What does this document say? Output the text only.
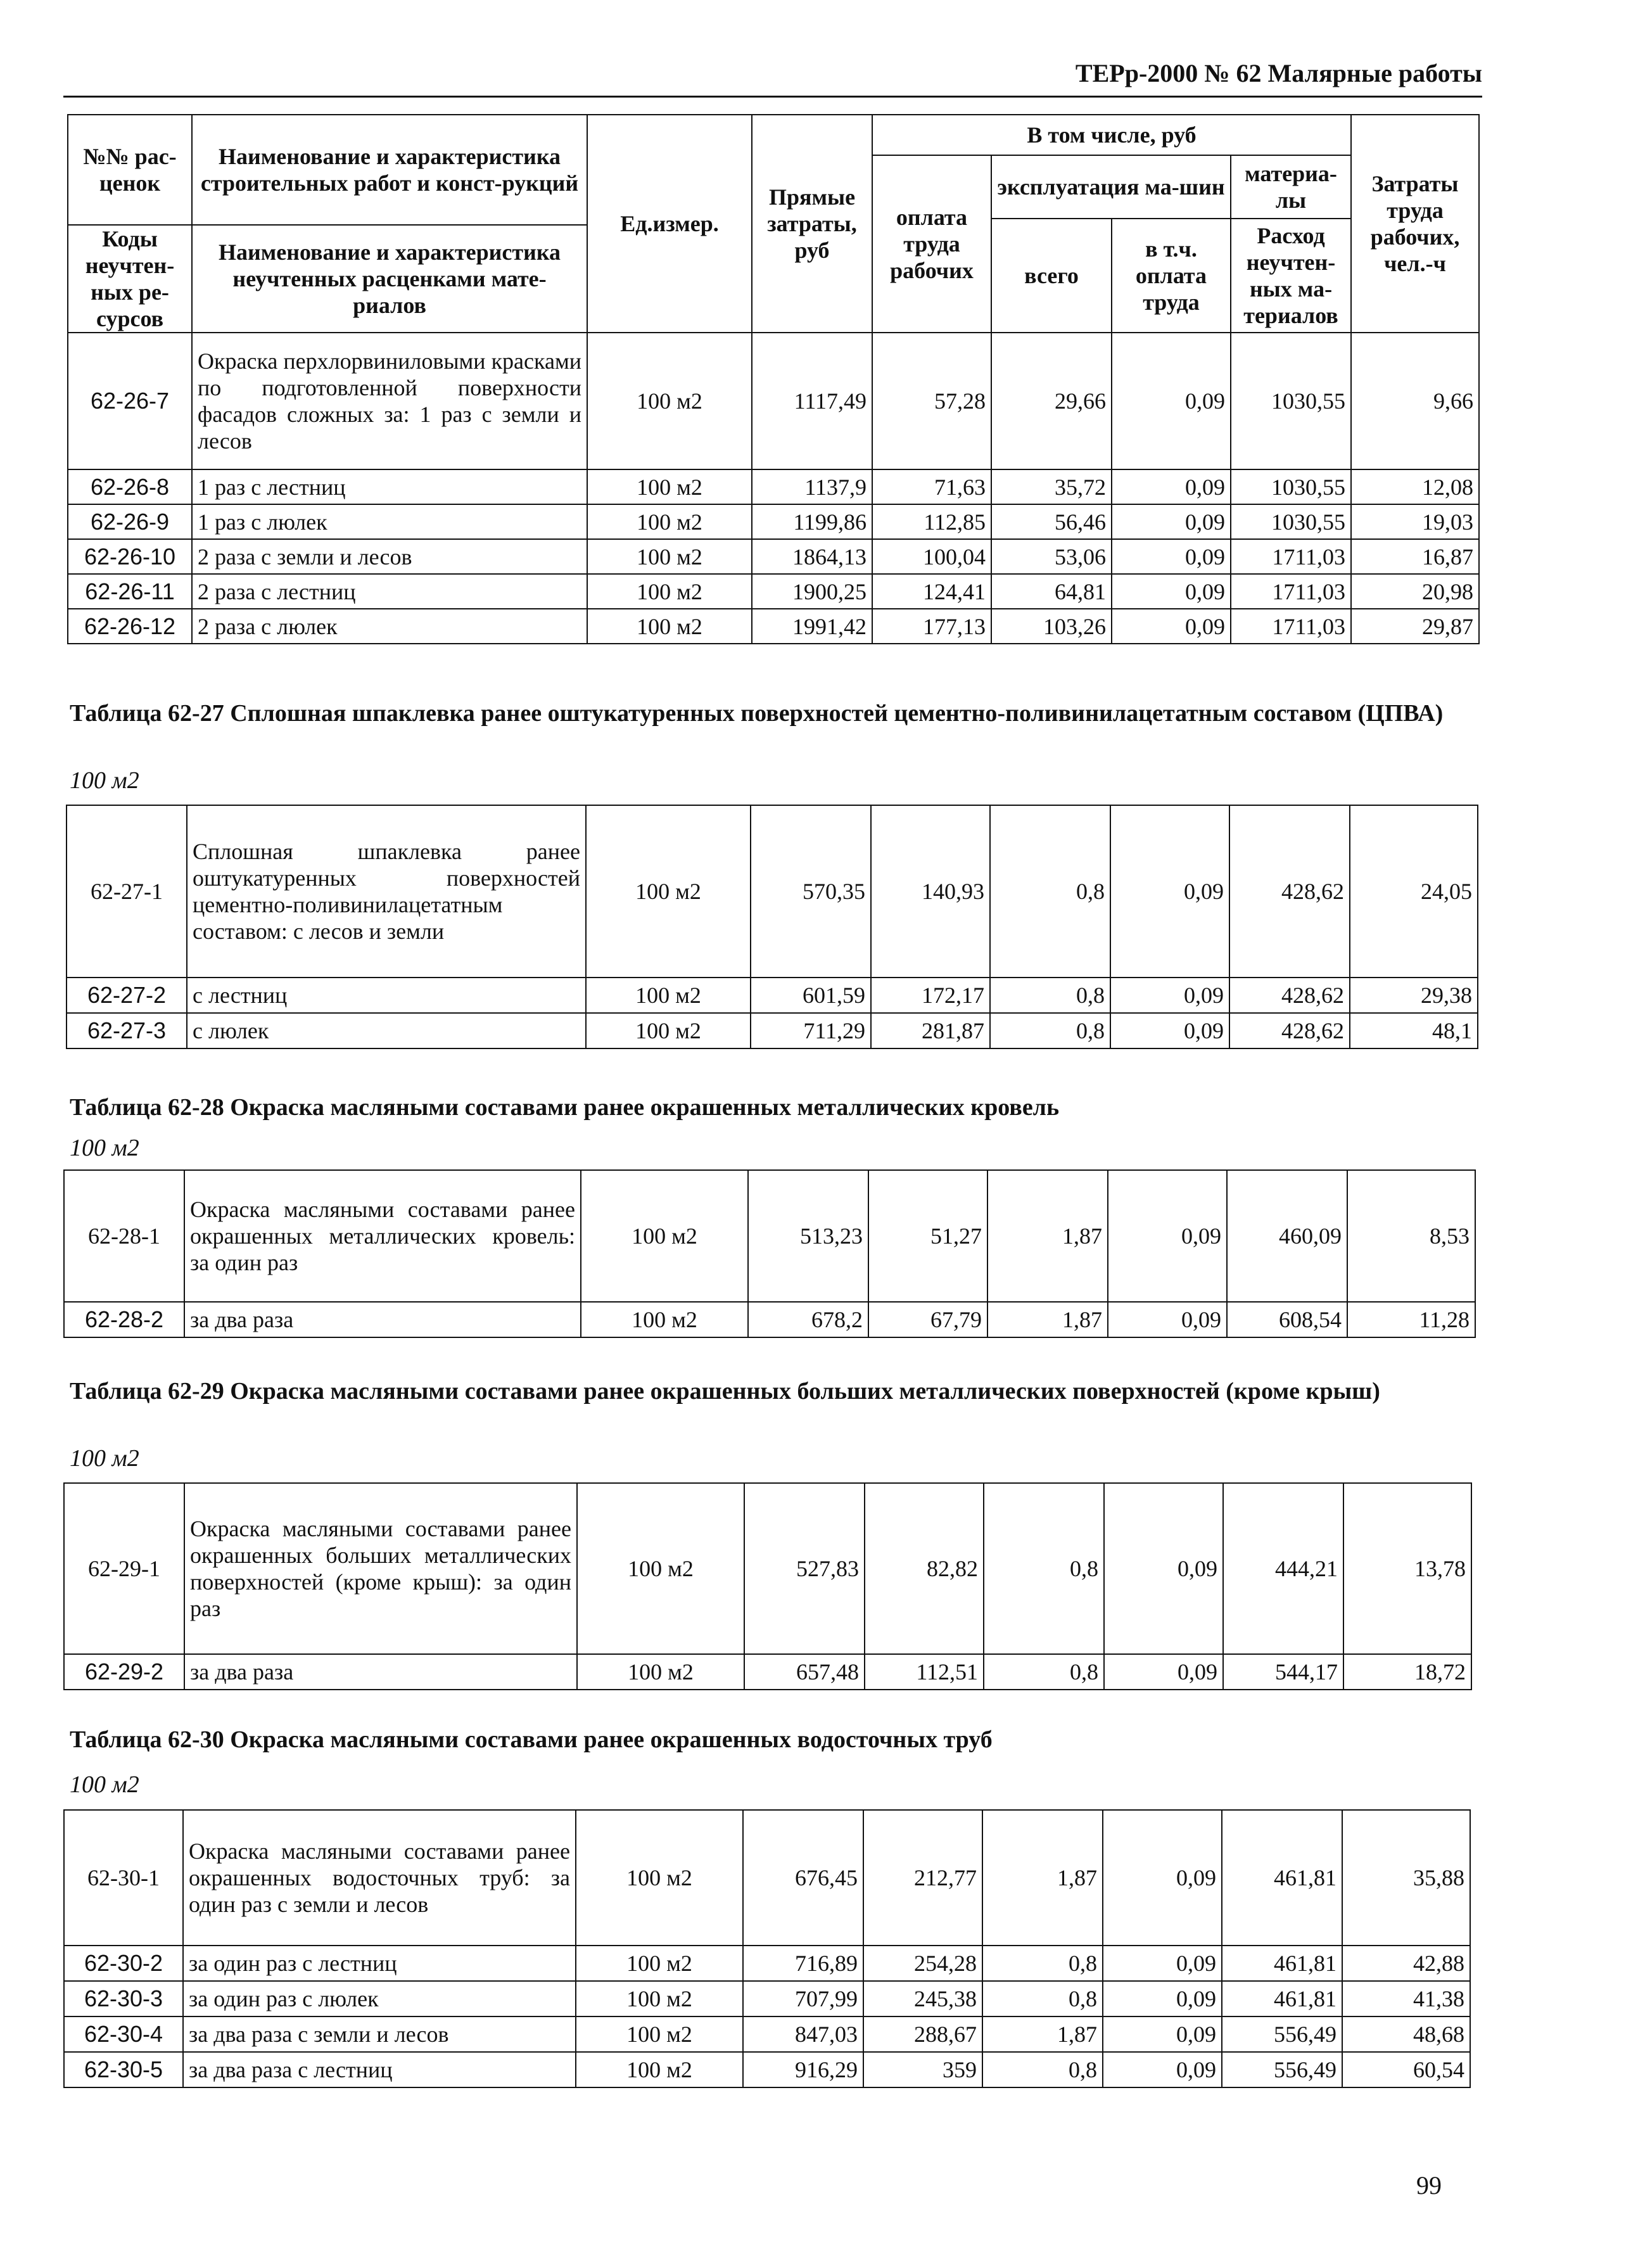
ТЕРр-2000 № 62 Малярные работы
№№ рас-ценок	Наименование и характеристика строительных работ и конст-рукций	Ед.измер.	Прямые затраты, руб	В том числе, руб				Затраты труда рабочих, чел.-ч
				оплата труда рабочих	эксплуатация ма-шин		материа-лы	
					всего	в т.ч. оплата труда	Расход неучтен-ных ма-териалов	
Коды неучтен-ных ре-сурсов	Наименование и характеристика неучтенных расценками мате-риалов							

62-26-7	Окраска перхлорвиниловыми красками по подготовленной поверхности фасадов сложных за: 1 раз с земли и лесов	100 м2	1117,49	57,28	29,66	0,09	1030,55	9,66
62-26-8	1 раз с лестниц	100 м2	1137,9	71,63	35,72	0,09	1030,55	12,08
62-26-9	1 раз с люлек	100 м2	1199,86	112,85	56,46	0,09	1030,55	19,03
62-26-10	2 раза с земли и лесов	100 м2	1864,13	100,04	53,06	0,09	1711,03	16,87
62-26-11	2 раза с лестниц	100 м2	1900,25	124,41	64,81	0,09	1711,03	20,98
62-26-12	2 раза с люлек	100 м2	1991,42	177,13	103,26	0,09	1711,03	29,87
Таблица 62-27 Сплошная шпаклевка ранее оштукатуренных поверхностей цементно-поливинилацетатным составом (ЦПВА)
100 м2
62-27-1	Сплошная шпаклевка ранее оштукатуренных поверхностей цементно-поливинилацетатным составом: с лесов и земли	100 м2	570,35	140,93	0,8	0,09	428,62	24,05
62-27-2	с лестниц	100 м2	601,59	172,17	0,8	0,09	428,62	29,38
62-27-3	с люлек	100 м2	711,29	281,87	0,8	0,09	428,62	48,1
Таблица 62-28 Окраска масляными составами ранее окрашенных металлических кровель
100 м2
62-28-1	Окраска масляными составами ранее окрашенных металлических кровель: за один раз	100 м2	513,23	51,27	1,87	0,09	460,09	8,53
62-28-2	за два раза	100 м2	678,2	67,79	1,87	0,09	608,54	11,28
Таблица 62-29 Окраска масляными составами ранее окрашенных больших металлических поверхностей (кроме крыш)
100 м2
62-29-1	Окраска масляными составами ранее окрашенных больших металлических поверхностей (кроме крыш): за один раз	100 м2	527,83	82,82	0,8	0,09	444,21	13,78
62-29-2	за два раза	100 м2	657,48	112,51	0,8	0,09	544,17	18,72
Таблица 62-30 Окраска масляными составами ранее окрашенных водосточных труб
100 м2
62-30-1	Окраска масляными составами ранее окрашенных водосточных труб: за один раз с земли и лесов	100 м2	676,45	212,77	1,87	0,09	461,81	35,88
62-30-2	за один раз с лестниц	100 м2	716,89	254,28	0,8	0,09	461,81	42,88
62-30-3	за один раз с люлек	100 м2	707,99	245,38	0,8	0,09	461,81	41,38
62-30-4	за два раза с земли и лесов	100 м2	847,03	288,67	1,87	0,09	556,49	48,68
62-30-5	за два раза с лестниц	100 м2	916,29	359	0,8	0,09	556,49	60,54
99
